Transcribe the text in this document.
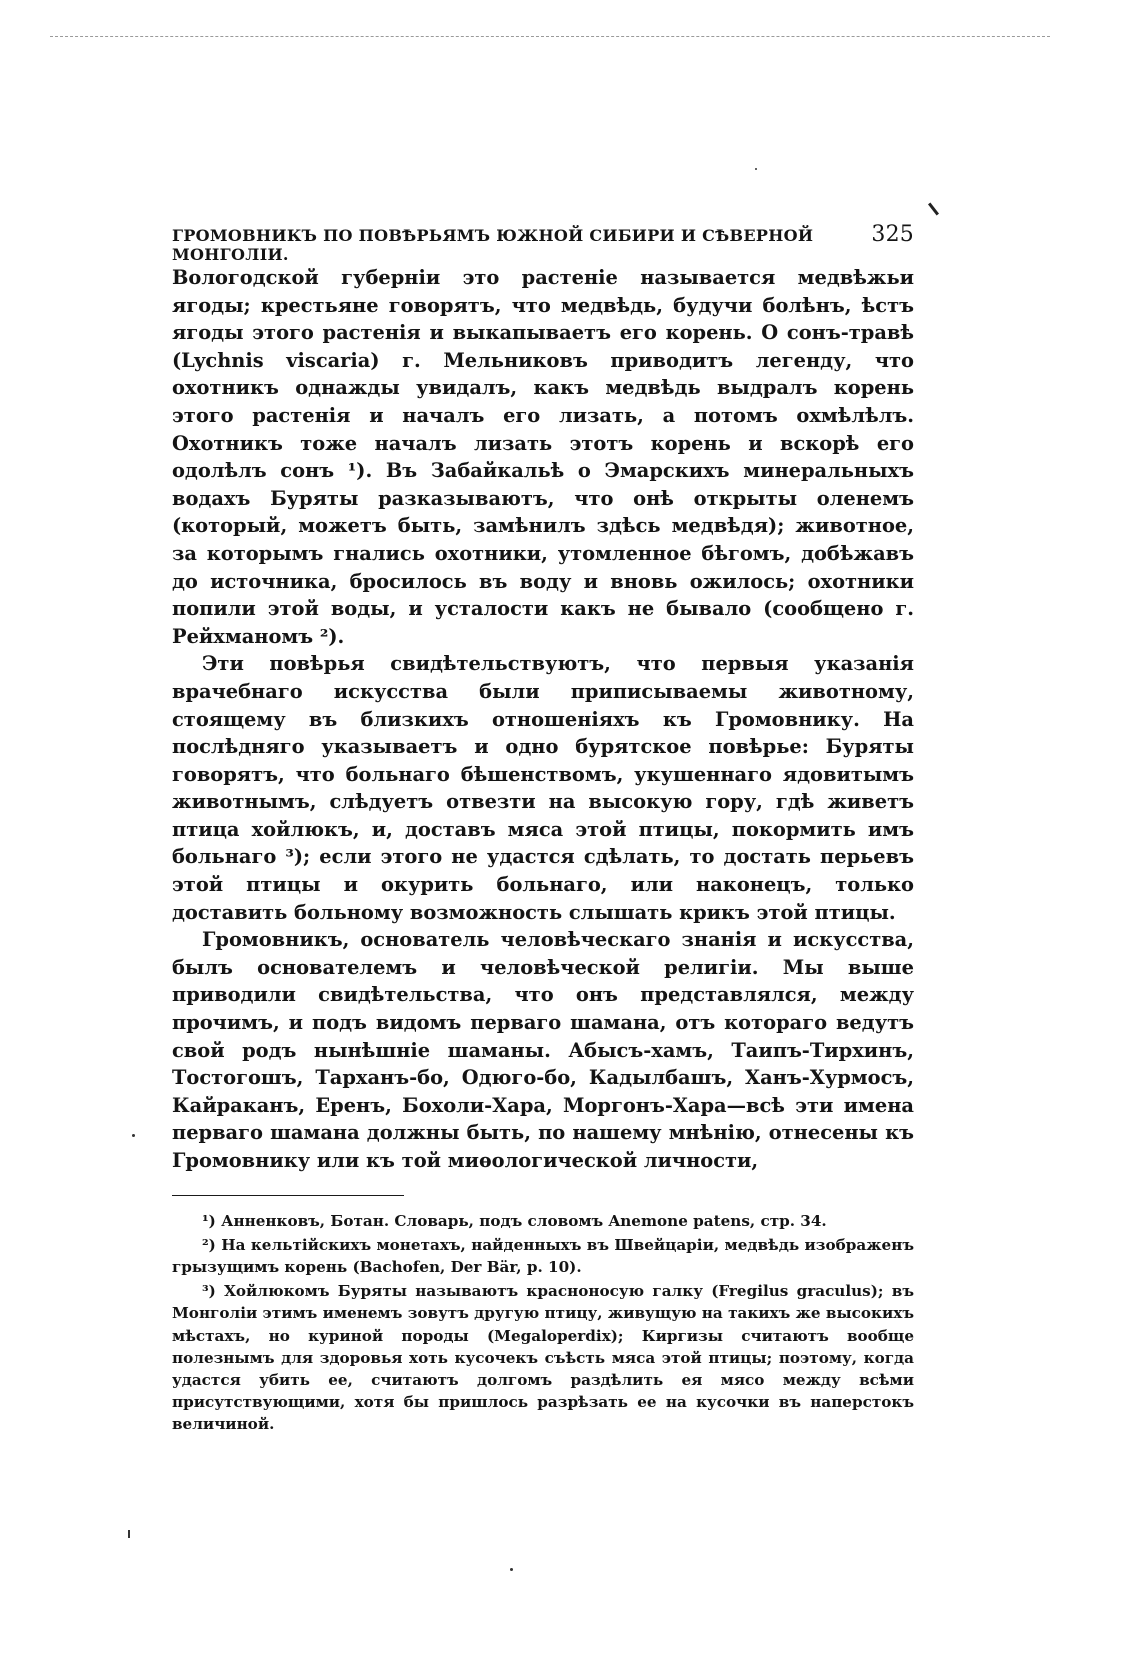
ГРОМОВНИКЪ ПО ПОВѢРЬЯМЪ ЮЖНОЙ СИБИРИ И СѢВЕРНОЙ МОНГОЛІИ.
325

Вологодской губерніи это растеніе называется медвѣжьи ягоды; крестьяне говорятъ, что медвѣдь, будучи болѣнъ, ѣстъ ягоды этого растенія и выкапываетъ его корень. О сонъ-травѣ (Lychnis viscaria) г. Мельниковъ приводитъ легенду, что охотникъ однажды увидалъ, какъ медвѣдь выдралъ корень этого растенія и началъ его лизать, а потомъ охмѣлѣлъ. Охотникъ тоже началъ лизать этотъ корень и вскорѣ его одолѣлъ сонъ ¹). Въ Забайкальѣ о Эмарскихъ минеральныхъ водахъ Буряты разказываютъ, что онѣ открыты оленемъ (который, можетъ быть, замѣнилъ здѣсь медвѣдя); животное, за которымъ гнались охотники, утомленное бѣгомъ, добѣжавъ до источника, бросилось въ воду и вновь ожилось; охотники попили этой воды, и усталости какъ не бывало (сообщено г. Рейхманомъ ²).

Эти повѣрья свидѣтельствуютъ, что первыя указанія врачебнаго искусства были приписываемы животному, стоящему въ близкихъ отношеніяхъ къ Громовнику. На послѣдняго указываетъ и одно бурятское повѣрье: Буряты говорятъ, что больнаго бѣшенствомъ, укушеннаго ядовитымъ животнымъ, слѣдуетъ отвезти на высокую гору, гдѣ живетъ птица хойлюкъ, и, доставъ мяса этой птицы, покормить имъ больнаго ³); если этого не удастся сдѣлать, то достать перьевъ этой птицы и окурить больнаго, или наконецъ, только доставить больному возможность слышать крикъ этой птицы.

Громовникъ, основатель человѣческаго знанія и искусства, былъ основателемъ и человѣческой религіи. Мы выше приводили свидѣтельства, что онъ представлялся, между прочимъ, и подъ видомъ перваго шамана, отъ котораго ведутъ свой родъ нынѣшніе шаманы. Абысъ-хамъ, Таипъ-Тирхинъ, Тостогошъ, Тарханъ-бо, Одюго-бо, Кадылбашъ, Ханъ-Хурмосъ, Кайраканъ, Еренъ, Бохоли-Хара, Моргонъ-Хара—всѣ эти имена перваго шамана должны быть, по нашему мнѣнію, отнесены къ Громовнику или къ той миѳологической личности,

¹) Анненковъ, Ботан. Словарь, подъ словомъ Anemone patens, стр. 34.

²) На кельтійскихъ монетахъ, найденныхъ въ Швейцаріи, медвѣдь изображенъ грызущимъ корень (Bachofen, Der Bär, p. 10).

³) Хойлюкомъ Буряты называютъ красноносую галку (Fregilus graculus); въ Монголіи этимъ именемъ зовутъ другую птицу, живущую на такихъ же высокихъ мѣстахъ, но куриной породы (Megaloperdix); Киргизы считаютъ вообще полезнымъ для здоровья хоть кусочекъ съѣсть мяса этой птицы; поэтому, когда удастся убить ее, считаютъ долгомъ раздѣлить ея мясо между всѣми присутствующими, хотя бы пришлось разрѣзать ее на кусочки въ наперстокъ величиной.
